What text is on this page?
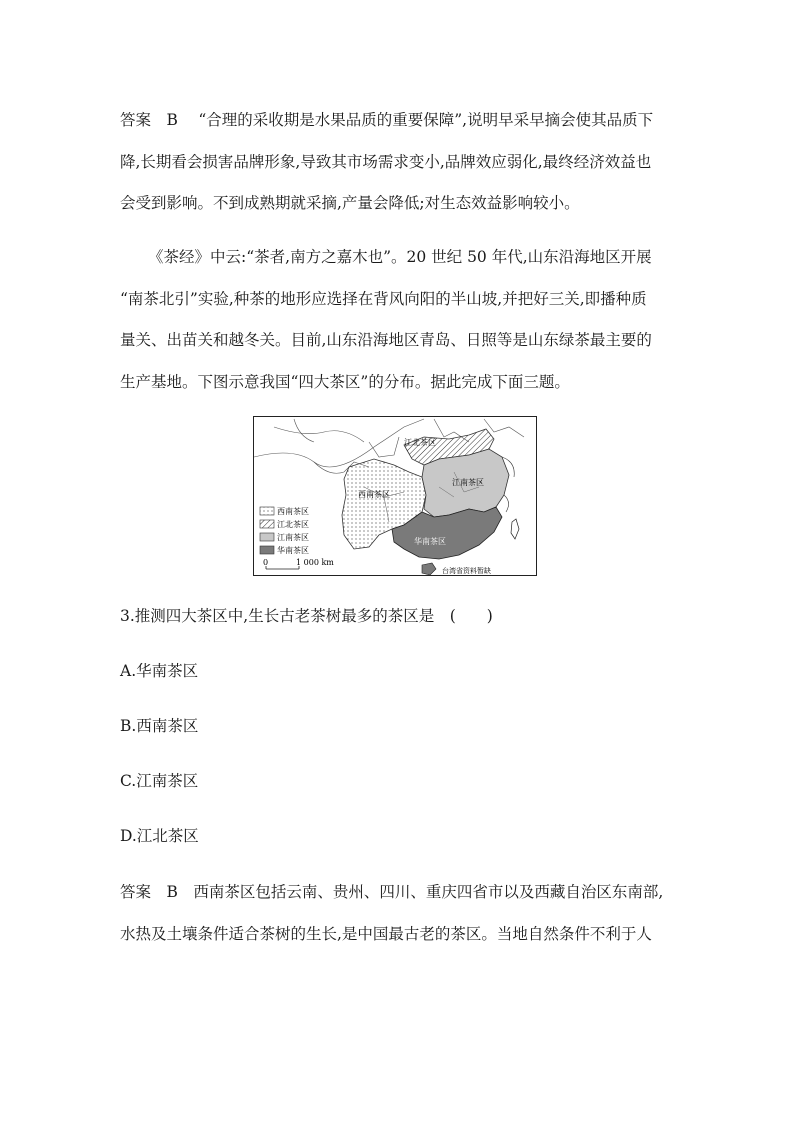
答案　B　 “合理的采收期是水果品质的重要保障”,说明早采早摘会使其品质下
降,长期看会损害品牌形象,导致其市场需求变小,品牌效应弱化,最终经济效益也
会受到影响。不到成熟期就采摘,产量会降低;对生态效益影响较小。
《茶经》中云:“茶者,南方之嘉木也”。20 世纪 50 年代,山东沿海地区开展
“南茶北引”实验,种茶的地形应选择在背风向阳的半山坡,并把好三关,即播种质
量关、出苗关和越冬关。目前,山东沿海地区青岛、日照等是山东绿茶最主要的
生产基地。下图示意我国“四大茶区”的分布。据此完成下面三题。
江北茶区
西南茶区
江南茶区
华南茶区
西南茶区
江北茶区
江南茶区
华南茶区
0	1 000 km
台湾省资料暂缺
3.推测四大茶区中,生长古老茶树最多的茶区是　(　　)
A.华南茶区
B.西南茶区
C.江南茶区
D.江北茶区
答案　B　西南茶区包括云南、贵州、四川、重庆四省市以及西藏自治区东南部,
水热及土壤条件适合茶树的生长,是中国最古老的茶区。当地自然条件不利于人
